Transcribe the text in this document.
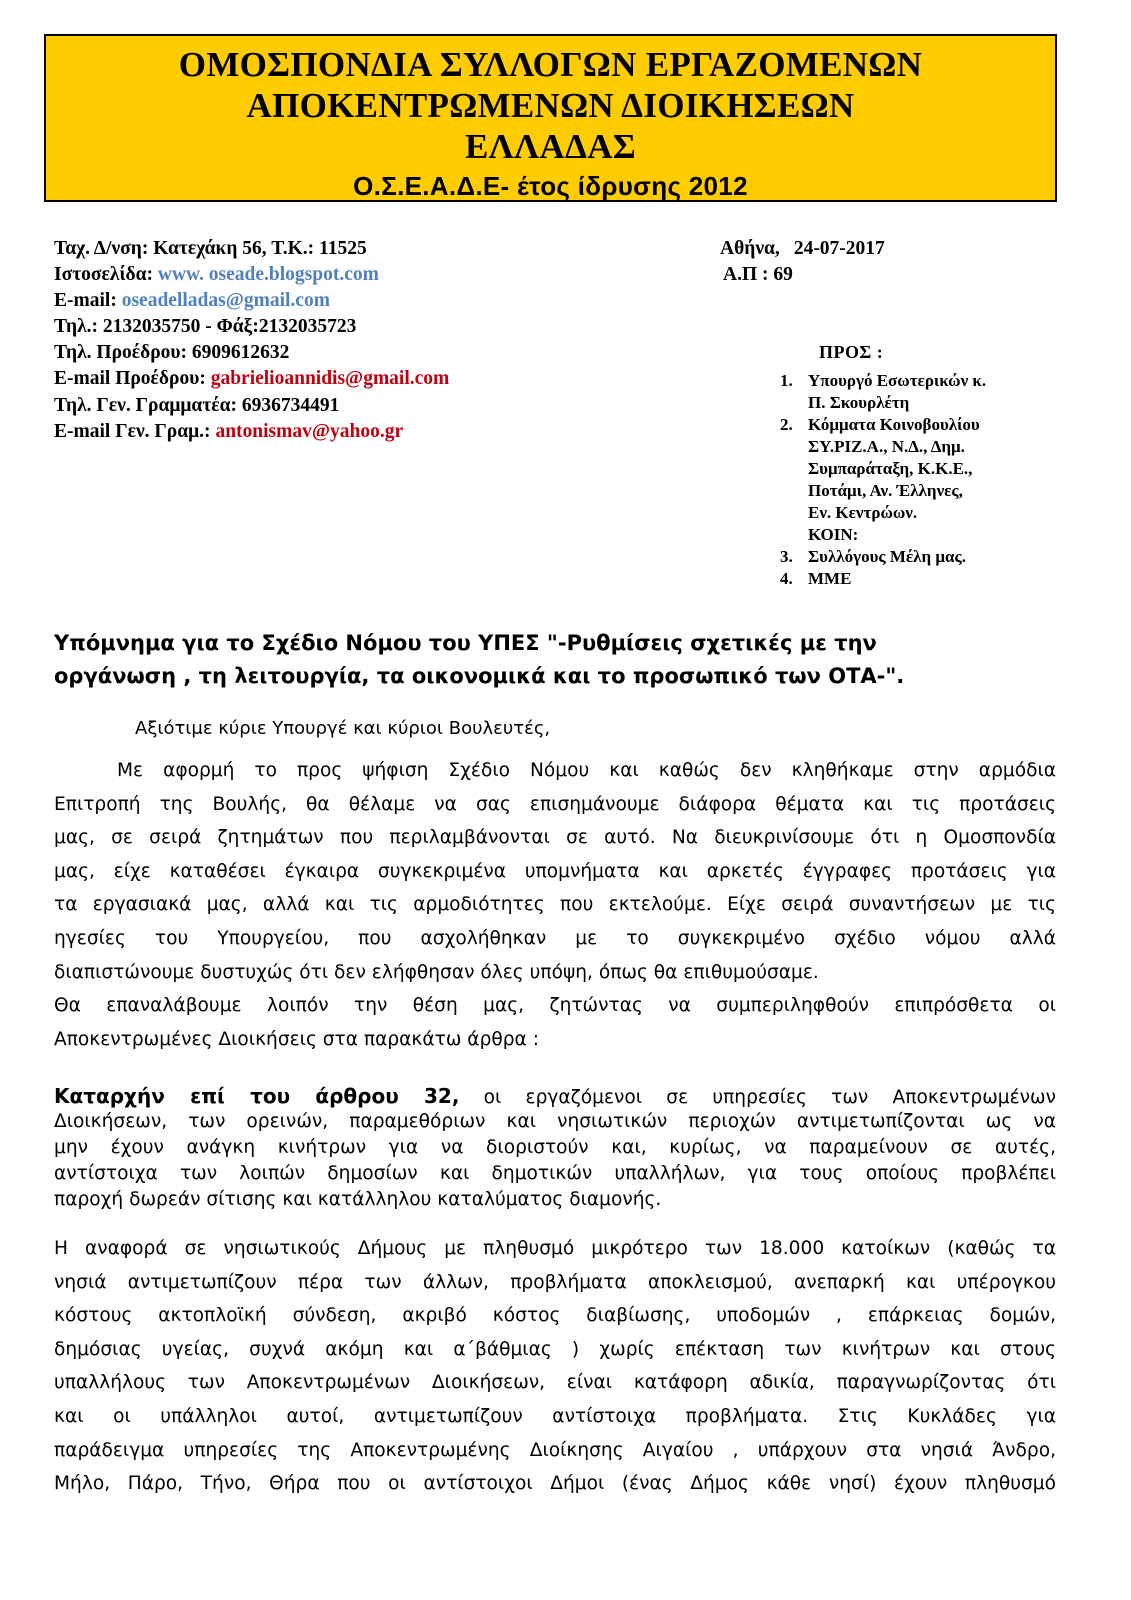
ΟΜΟΣΠΟΝΔΙΑ ΣΥΛΛΟΓΩΝ ΕΡΓΑΖΟΜΕΝΩΝ
ΑΠΟΚΕΝΤΡΩΜΕΝΩΝ ΔΙΟΙΚΗΣΕΩΝ
ΕΛΛΑΔΑΣ
Ο.Σ.Ε.Α.Δ.Ε- έτος ίδρυσης 2012
Ταχ. Δ/νση: Κατεχάκη 56, Τ.Κ.: 11525
Ιστοσελίδα: www. oseade.blogspot.com
E-mail: oseadelladas@gmail.com
Τηλ.: 2132035750 - Φάξ:2132035723
Τηλ. Προέδρου: 6909612632
E-mail Προέδρου: gabrielioannidis@gmail.com
Τηλ. Γεν. Γραμματέα: 6936734491
E-mail Γεν. Γραμ.: antonismav@yahoo.gr
Αθήνα, 24-07-2017
Α.Π : 69
ΠΡΟΣ :
1. Υπουργό Εσωτερικών κ.
Π. Σκουρλέτη
2. Κόμματα Κοινοβουλίου
ΣΥ.ΡΙΖ.Α., Ν.Δ., Δημ.
Συμπαράταξη, Κ.Κ.Ε.,
Ποτάμι, Αν. Έλληνες,
Εν. Κεντρώων.
ΚΟΙΝ:
3. Συλλόγους Μέλη μας.
4. ΜΜΕ
Υπόμνημα για το Σχέδιο Νόμου του ΥΠΕΣ "-Ρυθμίσεις σχετικές με την
οργάνωση , τη λειτουργία, τα οικονομικά και το προσωπικό των ΟΤΑ-".
Αξιότιμε κύριε Υπουργέ και κύριοι Βουλευτές,
Με αφορμή το προς ψήφιση Σχέδιο Νόμου και καθώς δεν κληθήκαμε στην αρμόδια
Επιτροπή της Βουλής, θα θέλαμε να σας επισημάνουμε διάφορα θέματα και τις προτάσεις
μας, σε σειρά ζητημάτων που περιλαμβάνονται σε αυτό. Να διευκρινίσουμε ότι η Ομοσπονδία
μας, είχε καταθέσει έγκαιρα συγκεκριμένα υπομνήματα και αρκετές έγγραφες προτάσεις για
τα εργασιακά μας, αλλά και τις αρμοδιότητες που εκτελούμε. Είχε σειρά συναντήσεων με τις
ηγεσίες του Υπουργείου, που ασχολήθηκαν με το συγκεκριμένο σχέδιο νόμου αλλά
διαπιστώνουμε δυστυχώς ότι δεν ελήφθησαν όλες υπόψη, όπως θα επιθυμούσαμε.
Θα επαναλάβουμε λοιπόν την θέση μας, ζητώντας να συμπεριληφθούν επιπρόσθετα οι
Αποκεντρωμένες Διοικήσεις στα παρακάτω άρθρα :
Καταρχήν επί του άρθρου 32, οι εργαζόμενοι σε υπηρεσίες των Αποκεντρωμένων
Διοικήσεων, των ορεινών, παραμεθόριων και νησιωτικών περιοχών αντιμετωπίζονται ως να
μην έχουν ανάγκη κινήτρων για να διοριστούν και, κυρίως, να παραμείνουν σε αυτές,
αντίστοιχα των λοιπών δημοσίων και δημοτικών υπαλλήλων, για τους οποίους προβλέπει
παροχή δωρεάν σίτισης και κατάλληλου καταλύματος διαμονής.
Η αναφορά σε νησιωτικούς Δήμους με πληθυσμό μικρότερο των 18.000 κατοίκων (καθώς τα
νησιά αντιμετωπίζουν πέρα των άλλων, προβλήματα αποκλεισμού, ανεπαρκή και υπέρογκου
κόστους ακτοπλοϊκή σύνδεση, ακριβό κόστος διαβίωσης, υποδομών , επάρκειας δομών,
δημόσιας υγείας, συχνά ακόμη και α΄βάθμιας ) χωρίς επέκταση των κινήτρων και στους
υπαλλήλους των Αποκεντρωμένων Διοικήσεων, είναι κατάφορη αδικία, παραγνωρίζοντας ότι
και οι υπάλληλοι αυτοί, αντιμετωπίζουν αντίστοιχα προβλήματα. Στις Κυκλάδες για
παράδειγμα υπηρεσίες της Αποκεντρωμένης Διοίκησης Αιγαίου , υπάρχουν στα νησιά Άνδρο,
Μήλο, Πάρο, Τήνο, Θήρα που οι αντίστοιχοι Δήμοι (ένας Δήμος κάθε νησί) έχουν πληθυσμό
